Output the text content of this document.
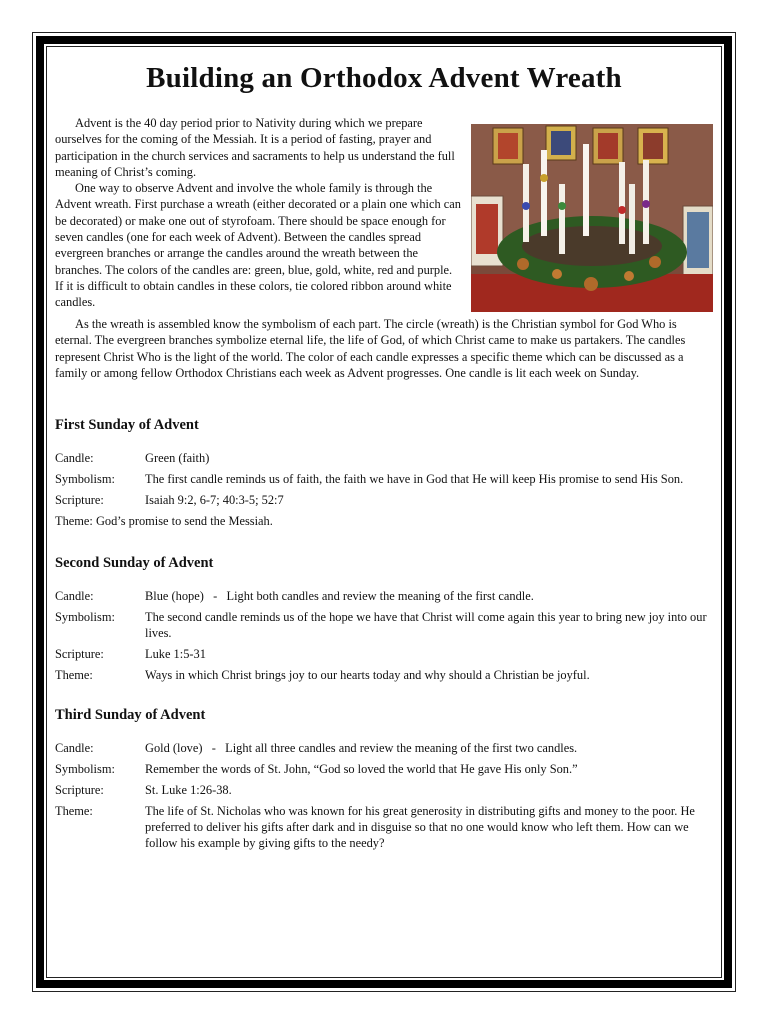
Building an Orthodox Advent Wreath

Advent is the 40 day period prior to Nativity during which we prepare ourselves for the coming of the Messiah. It is a period of fasting, prayer and participation in the church services and sacraments to help us understand the full meaning of Christ’s coming.

One way to observe Advent and involve the whole family is through the Advent wreath. First purchase a wreath (either decorated or a plain one which can be decorated) or make one out of styrofoam. There should be space enough for seven candles (one for each week of Advent). Between the candles spread evergreen branches or arrange the candles around the wreath between the branches. The colors of the candles are: green, blue, gold, white, red and purple. If it is difficult to obtain candles in these colors, tie colored ribbon around white candles.

As the wreath is assembled know the symbolism of each part. The circle (wreath) is the Christian symbol for God Who is eternal. The evergreen branches symbolize eternal life, the life of God, of which Christ came to make us partakers. The candles represent Christ Who is the light of the world. The color of each candle expresses a specific theme which can be discussed as a family or among fellow Orthodox Christians each week as Advent progresses. One candle is lit each week on Sunday.

First Sunday of Advent
Candle:	Green (faith)
Symbolism:	The first candle reminds us of faith, the faith we have in God that He will keep His promise to send His Son.
Scripture:	Isaiah 9:2, 6-7; 40:3-5; 52:7
Theme: God’s promise to send the Messiah.
Second Sunday of Advent
Candle:	Blue (hope)   -   Light both candles and review the meaning of the first candle.
Symbolism:	The second candle reminds us of the hope we have that Christ will come again this year to bring new joy into our lives.
Scripture:	Luke 1:5-31
Theme:	Ways in which Christ brings joy to our hearts today and why should a Christian be joyful.
Third Sunday of Advent
Candle:	Gold (love)   -   Light all three candles and review the meaning of the first two candles.
Symbolism:	Remember the words of St. John, “God so loved the world that He gave His only Son.”
Scripture:	St. Luke 1:26-38.
Theme:	The life of St. Nicholas who was known for his great generosity in distributing gifts and money to the poor. He preferred to deliver his gifts after dark and in disguise so that no one would know who left them. How can we follow his example by giving gifts to the needy?
